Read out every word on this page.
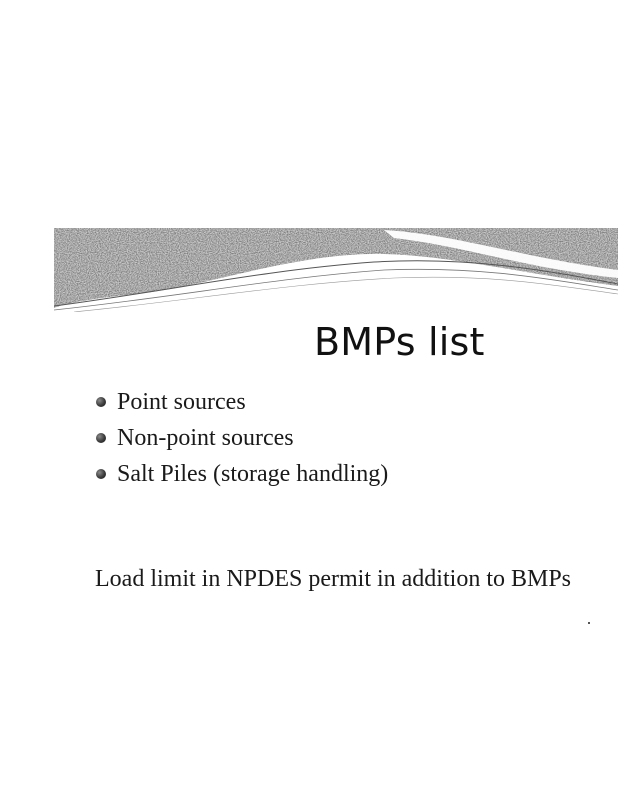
BMPs list
Point sources
Non-point sources
Salt Piles (storage handling)

Load limit in NPDES permit in addition to BMPs
